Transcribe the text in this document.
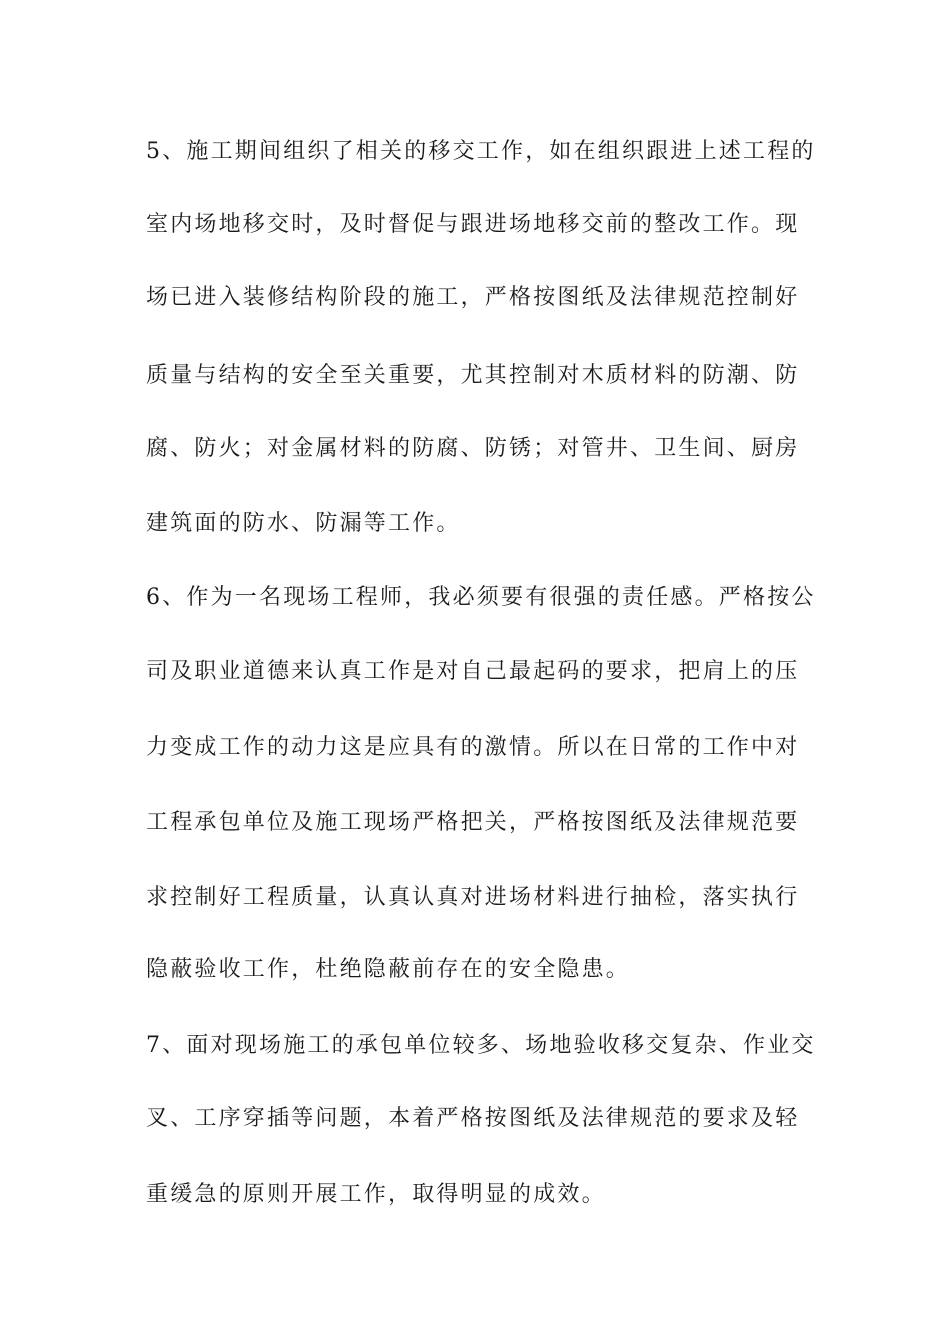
5、施工期间组织了相关的移交工作，如在组织跟进上述工程的
室内场地移交时，及时督促与跟进场地移交前的整改工作。现
场已进入装修结构阶段的施工，严格按图纸及法律规范控制好
质量与结构的安全至关重要，尤其控制对木质材料的防潮、防
腐、防火；对金属材料的防腐、防锈；对管井、卫生间、厨房
建筑面的防水、防漏等工作。
6、作为一名现场工程师，我必须要有很强的责任感。严格按公
司及职业道德来认真工作是对自己最起码的要求，把肩上的压
力变成工作的动力这是应具有的激情。所以在日常的工作中对
工程承包单位及施工现场严格把关，严格按图纸及法律规范要
求控制好工程质量，认真认真对进场材料进行抽检，落实执行
隐蔽验收工作，杜绝隐蔽前存在的安全隐患。
7、面对现场施工的承包单位较多、场地验收移交复杂、作业交
叉、工序穿插等问题，本着严格按图纸及法律规范的要求及轻
重缓急的原则开展工作，取得明显的成效。
